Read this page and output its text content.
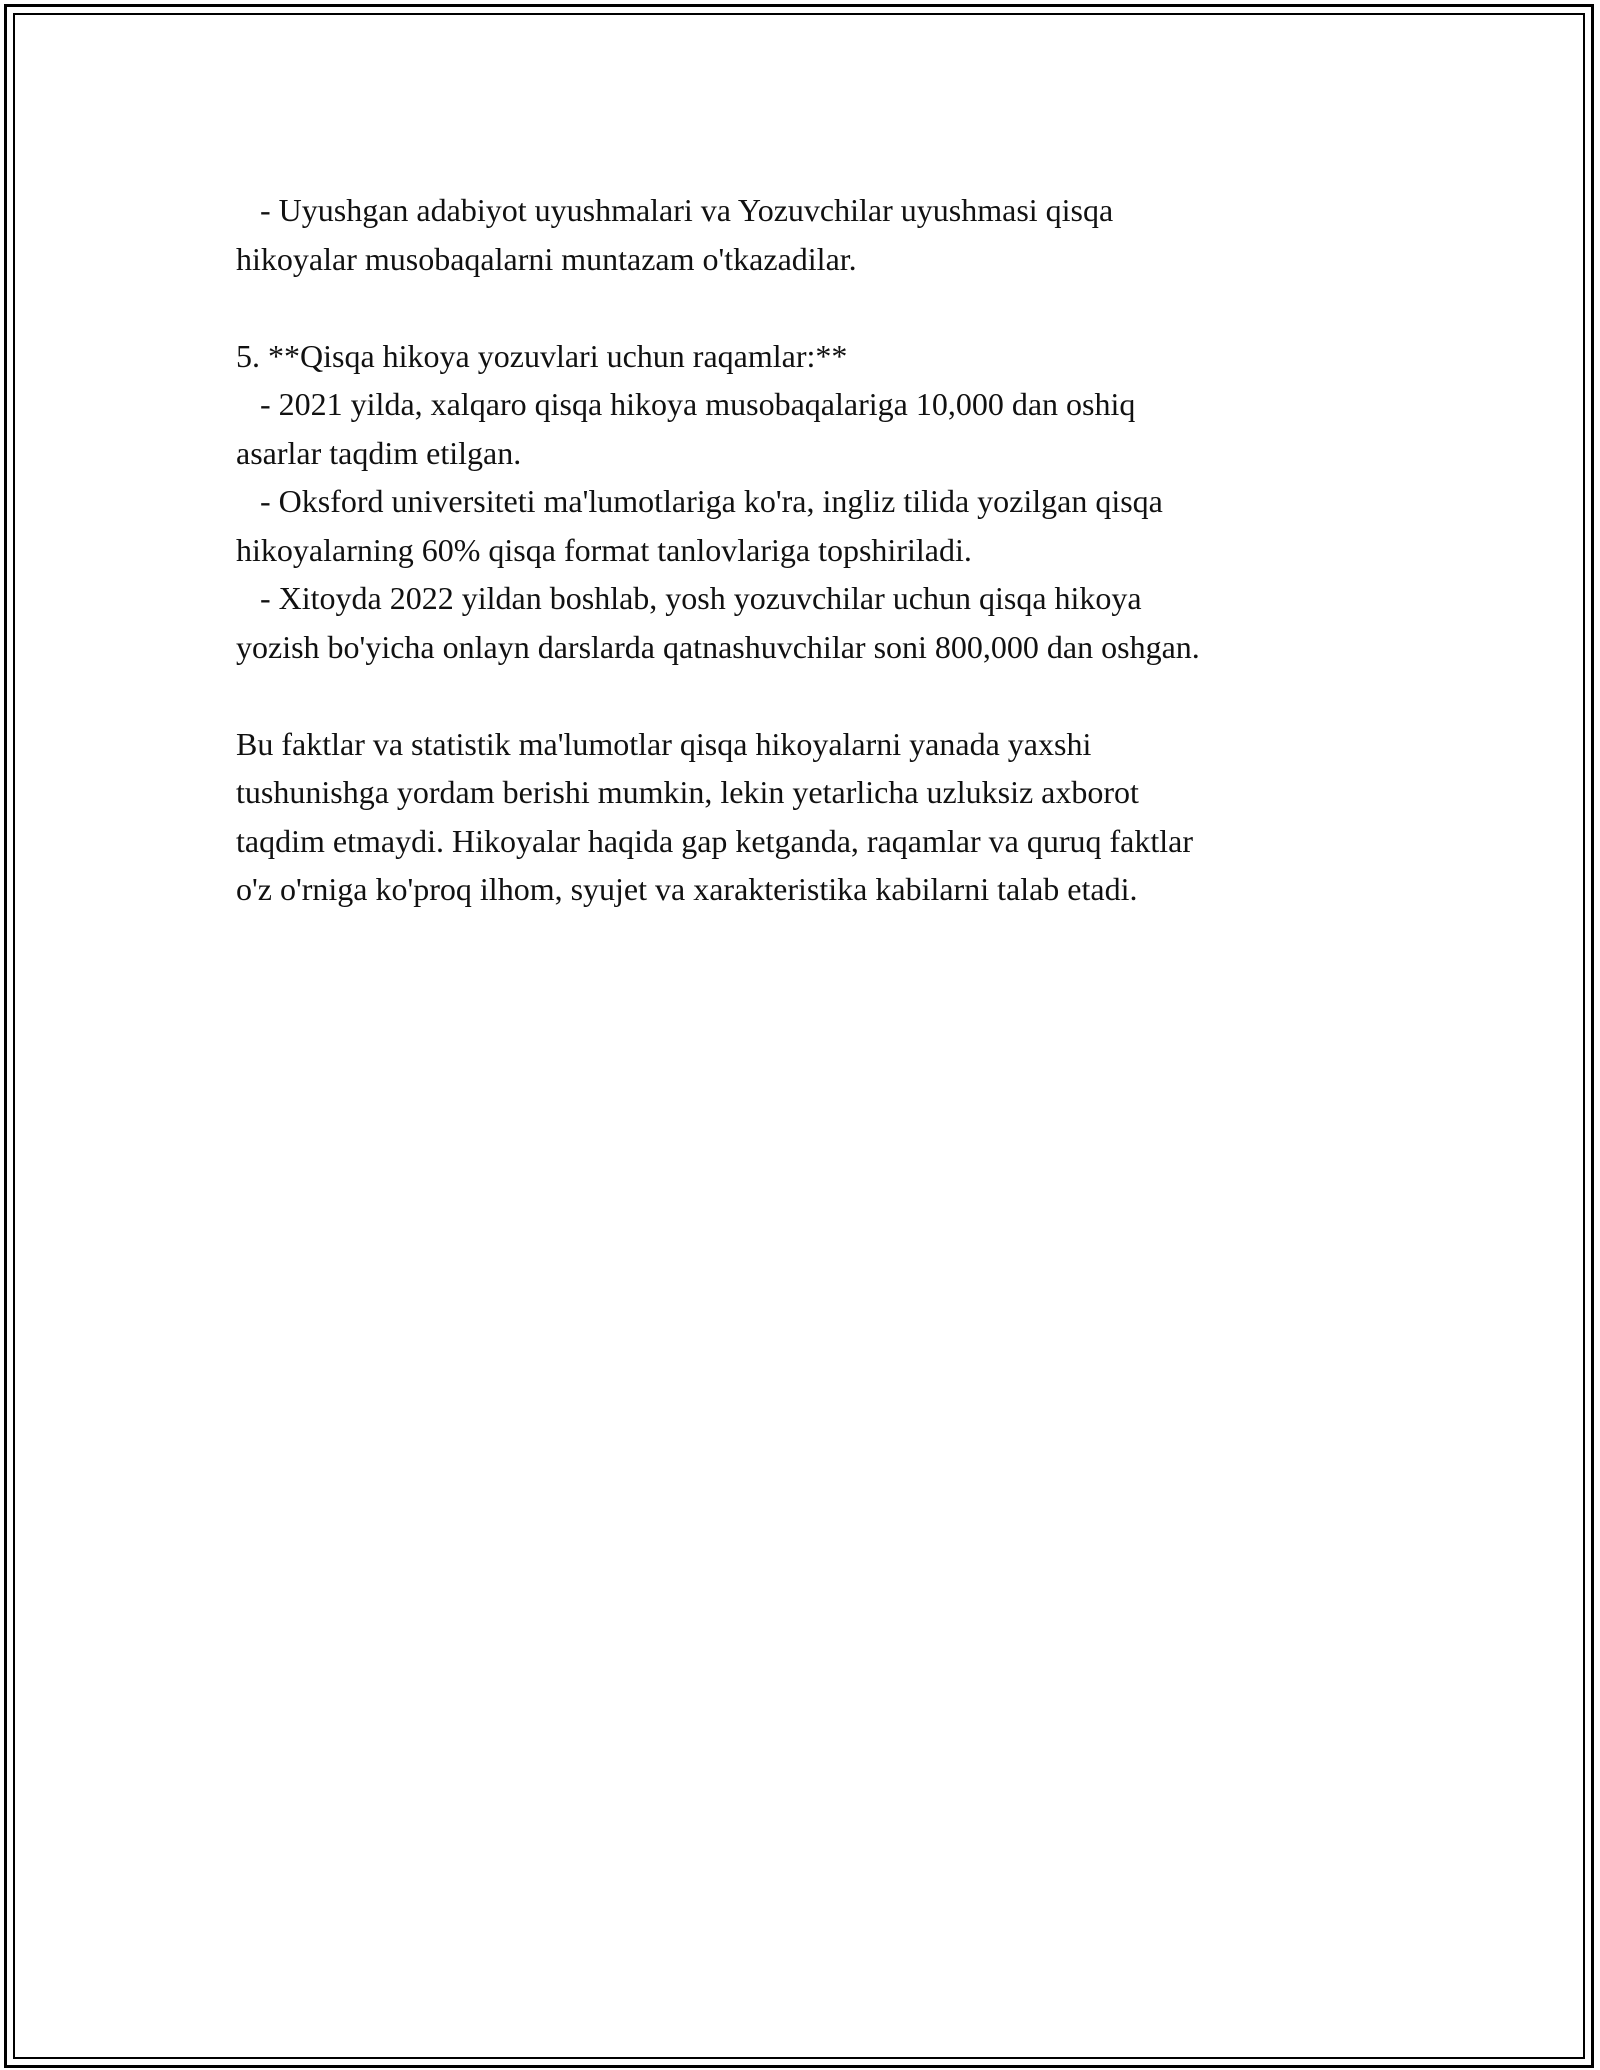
- Uyushgan adabiyot uyushmalari va Yozuvchilar uyushmasi qisqa

hikoyalar musobaqalarni muntazam o'tkazadilar.

5. **Qisqa hikoya yozuvlari uchun raqamlar:**

- 2021 yilda, xalqaro qisqa hikoya musobaqalariga 10,000 dan oshiq

asarlar taqdim etilgan.

- Oksford universiteti ma'lumotlariga ko'ra, ingliz tilida yozilgan qisqa

hikoyalarning 60% qisqa format tanlovlariga topshiriladi.

- Xitoyda 2022 yildan boshlab, yosh yozuvchilar uchun qisqa hikoya

yozish bo'yicha onlayn darslarda qatnashuvchilar soni 800,000 dan oshgan.

Bu faktlar va statistik ma'lumotlar qisqa hikoyalarni yanada yaxshi

tushunishga yordam berishi mumkin, lekin yetarlicha uzluksiz axborot

taqdim etmaydi. Hikoyalar haqida gap ketganda, raqamlar va quruq faktlar

o'z o'rniga ko'proq ilhom, syujet va xarakteristika kabilarni talab etadi.
